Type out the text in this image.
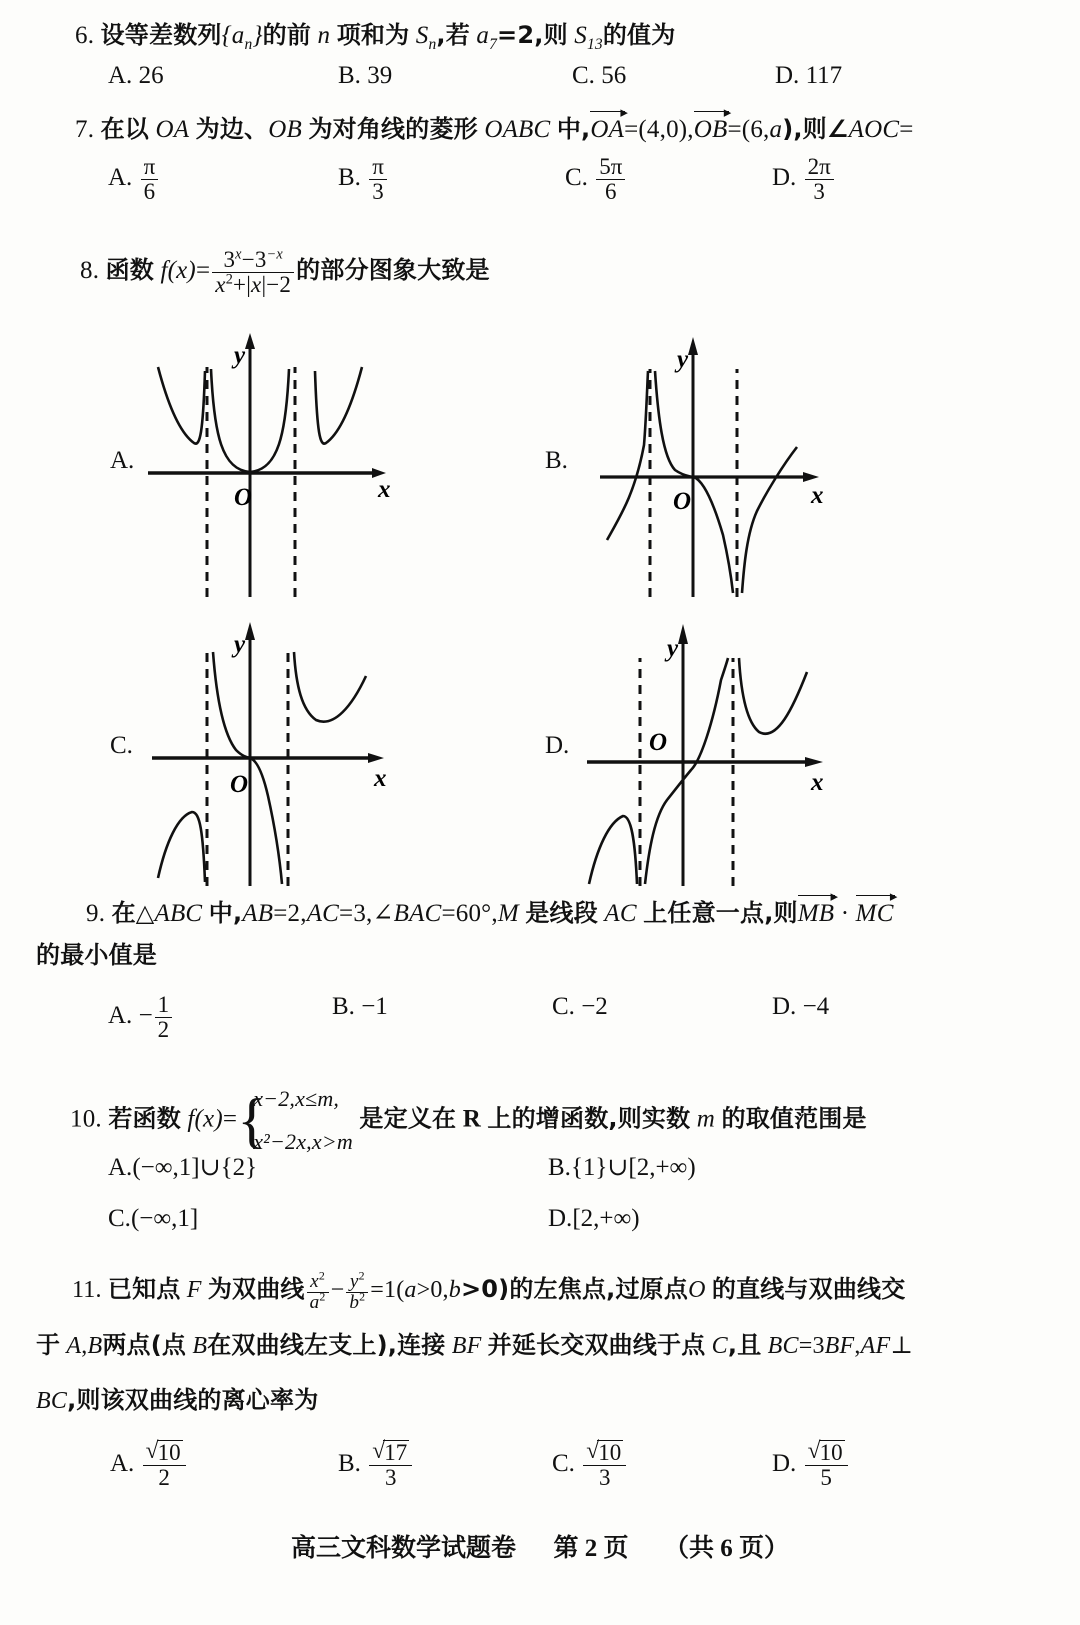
6. 设等差数列$\{a_n\}$的前 n 项和为 $S_n$,若 $a_7=2$,则 $S_{13}$的值为
A. 26	B. 39	C. 56	D. 117
7. 在以 OA 为边、OB 为对角线的菱形 OABC 中,OA
▸
=(4,0),OB
▸
=(6,a),则∠AOC=
A. $\frac{\pi}{6}$	B. $\frac{\pi}{3}$	C. $\frac{5\pi}{6}$	D. $\frac{2\pi}{3}$
8. 函数 $f(x)= \frac{3^x-3^{-x}}{x^2+|x|-2}$ 的部分图象大致是
A.
y
x
O
B.
y
x
O
C.
y
x
O
D.
y
x
O
9. 在△ABC 中,AB=2,AC=3,∠BAC=60°,M 是线段 AC 上任意一点,则MB
▸
· MC
▸
的最小值是
A. − $\frac{1}{2}$	B. −1	C. −2	D. −4
10. 若函数 f(x)= {
x−2,x≤m,
x²−2x,x>m
是定义在 R 上的增函数,则实数 m 的取值范围是
A.(−∞,1]∪{2}	B.{1}∪[2,+∞)
C.(−∞,1]	D.[2,+∞)
11. 已知点 F 为双曲线 $\frac{x^2}{a^2} - \frac{y^2}{b^2} =1(a>0,b>0)$的左焦点,过原点O 的直线与双曲线交
于 A,B两点(点 B在双曲线左支上),连接 BF 并延长交双曲线于点 C,且 BC=3BF,AF⊥
BC,则该双曲线的离心率为
A. √ $\frac{10}{2}$	B. √ $\frac{17}{3}$	C. √ $\frac{10}{3}$	D. √ $\frac{10}{5}$
高三文科数学试题卷 第 2 页 （共 6 页）
